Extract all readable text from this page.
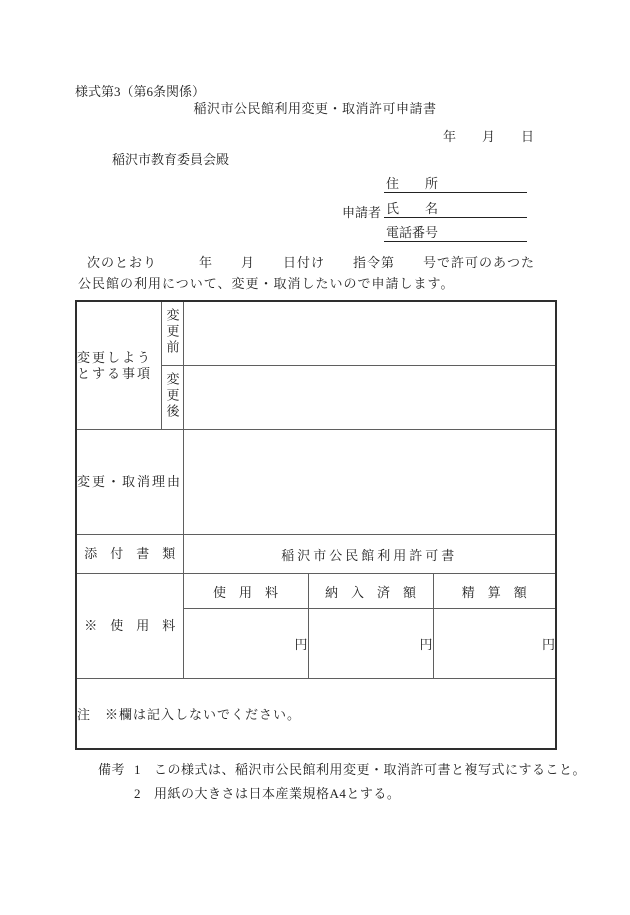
様式第3（第6条関係）
稲沢市公民館利用変更・取消許可申請書
年　　月　　日
稲沢市教育委員会殿
申請者
住　　所
氏　　名
電話番号
次のとおり　　　年　　月　　日付け　　指令第　　号で許可のあつた
公民館の利用について、変更・取消したいので申請します。
変更しよう
とする事項	変更前			
	変更後			
変更・取消理由				
添　付　書　類		稲沢市公民館利用許可書		
※　使　用　料		使　用　料	納　入　済　額	精　算　額
		円	円	円
注　※欄は記入しないでください。				
備考 1	この様式は、稲沢市公民館利用変更・取消許可書と複写式にすること。
2	用紙の大きさは日本産業規格A4とする。
